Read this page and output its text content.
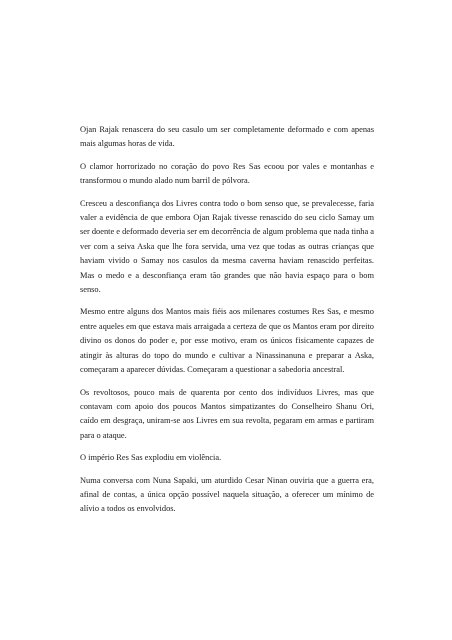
Ojan Rajak renascera do seu casulo um ser completamente deformado e com apenas mais algumas horas de vida.

O clamor horrorizado no coração do povo Res Sas ecoou por vales e montanhas e transformou o mundo alado num barril de pólvora.

Cresceu a desconfiança dos Livres contra todo o bom senso que, se prevalecesse, faria valer a evidência de que embora Ojan Rajak tivesse renascido do seu ciclo Samay um ser doente e deformado deveria ser em decorrência de algum problema que nada tinha a ver com a seiva Aska que lhe fora servida, uma vez que todas as outras crianças que haviam vivido o Samay nos casulos da mesma caverna haviam renascido perfeitas. Mas o medo e a desconfiança eram tão grandes que não havia espaço para o bom senso.

Mesmo entre alguns dos Mantos mais fiéis aos milenares costumes Res Sas, e mesmo entre aqueles em que estava mais arraigada a certeza de que os Mantos eram por direito divino os donos do poder e, por esse motivo, eram os únicos fisicamente capazes de atingir às alturas do topo do mundo e cultivar a Ninassinanuna e preparar a Aska, começaram a aparecer dúvidas. Começaram a questionar a sabedoria ancestral.

Os revoltosos, pouco mais de quarenta por cento dos indivíduos Livres, mas que contavam com apoio dos poucos Mantos simpatizantes do Conselheiro Shanu Ori, caído em desgraça, uniram-se aos Livres em sua revolta, pegaram em armas e partiram para o ataque.

O império Res Sas explodiu em violência.

Numa conversa com Nuna Sapaki, um aturdido Cesar Ninan ouviria que a guerra era, afinal de contas, a única opção possível naquela situação, a oferecer um mínimo de alívio a todos os envolvidos.
